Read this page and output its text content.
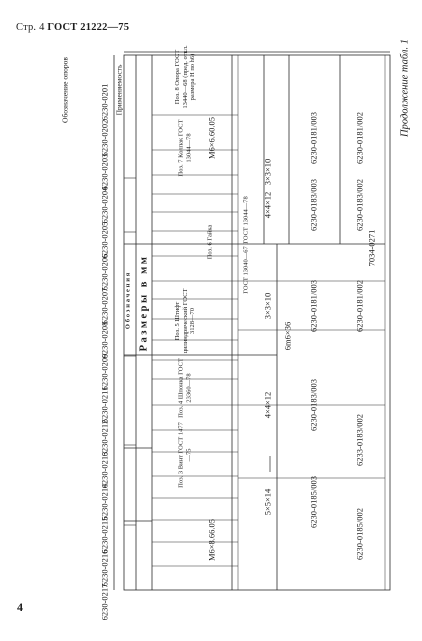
Стр. 4 ГОСТ 21222—75
Продолжение табл. 1
Обозначение опоров	Применяемость
6230-0201
6230-0202
6230-0203
6230-0204
6230-0205
6230-0206
6230-0207
6230-0208
6230-0209
6230-0211
6230-0212
6230-0213
6230-0214
6230-0215
6230-0216
6230-0217
Размеры в мм
Обозначения
Поз. 3 Винт ГОСТ 1477—75
Поз. 4 Шпонка ГОСТ 23360—78
Поз. 5 Штифт цилиндрический ГОСТ 3128—70
Поз. 6 Гайка	ГОСТ 13044—78
ГОСТ 13040—67
Поз. 7 Колпак ГОСТ 13044—78
Поз. 8 Опора ГОСТ 13440—68 (пред. откл. размера Н по h6)
М6×6.60.05
М6×8.66.05
3×3×10
4×4×12
3×3×10
4×4×12
5×5×14
6m6×36
6230-0181/003
6230-0183/003
6230-0181/003
6230-0183/003
6230-0185/003
6230-0181/002
6230-0183/002
6230-0181/002
6233-0183/002
6230-0185/002
7034-0271
4
